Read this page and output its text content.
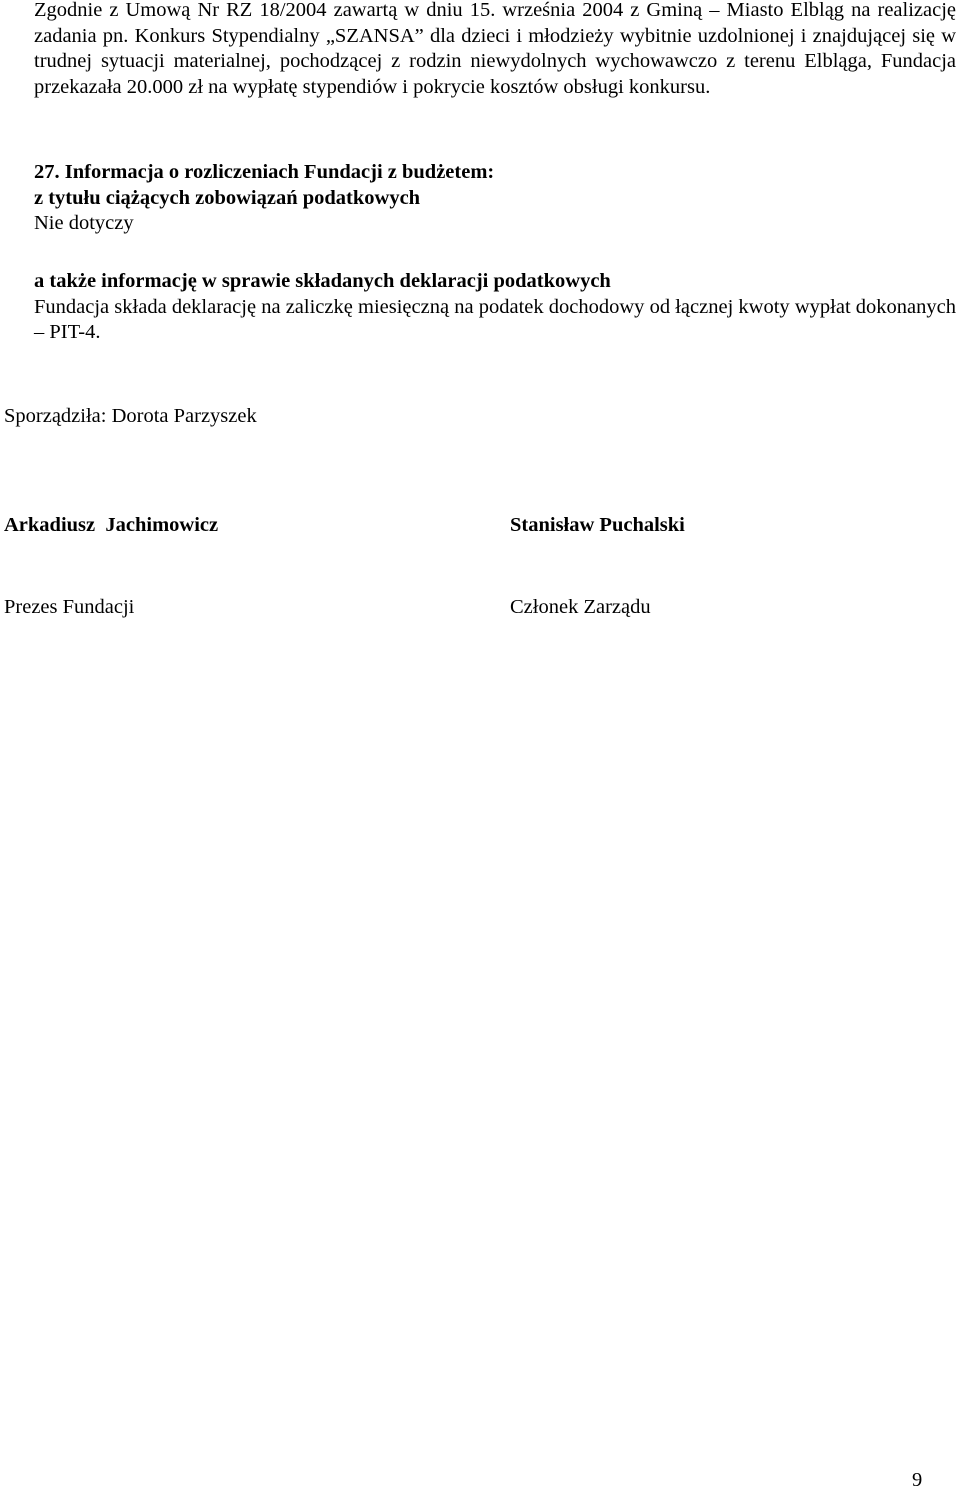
Zgodnie z Umową Nr RZ 18/2004 zawartą w dniu 15. września 2004 z Gminą – Miasto Elbląg na realizację zadania pn. Konkurs Stypendialny „SZANSA” dla dzieci i młodzieży wybitnie uzdolnionej i znajdującej się w trudnej sytuacji materialnej, pochodzącej z rodzin niewydolnych wychowawczo z terenu Elbląga, Fundacja przekazała 20.000 zł na wypłatę stypendiów i pokrycie kosztów obsługi konkursu.

27. Informacja o rozliczeniach Fundacji z budżetem:

z tytułu ciążących zobowiązań podatkowych

Nie dotyczy

a także informację w sprawie składanych deklaracji podatkowych

Fundacja składa deklarację na zaliczkę miesięczną na podatek dochodowy od łącznej kwoty wypłat dokonanych – PIT-4.

Sporządziła: Dorota Parzyszek
Arkadiusz  Jachimowicz	Stanisław Puchalski
Prezes Fundacji	Członek Zarządu
9
